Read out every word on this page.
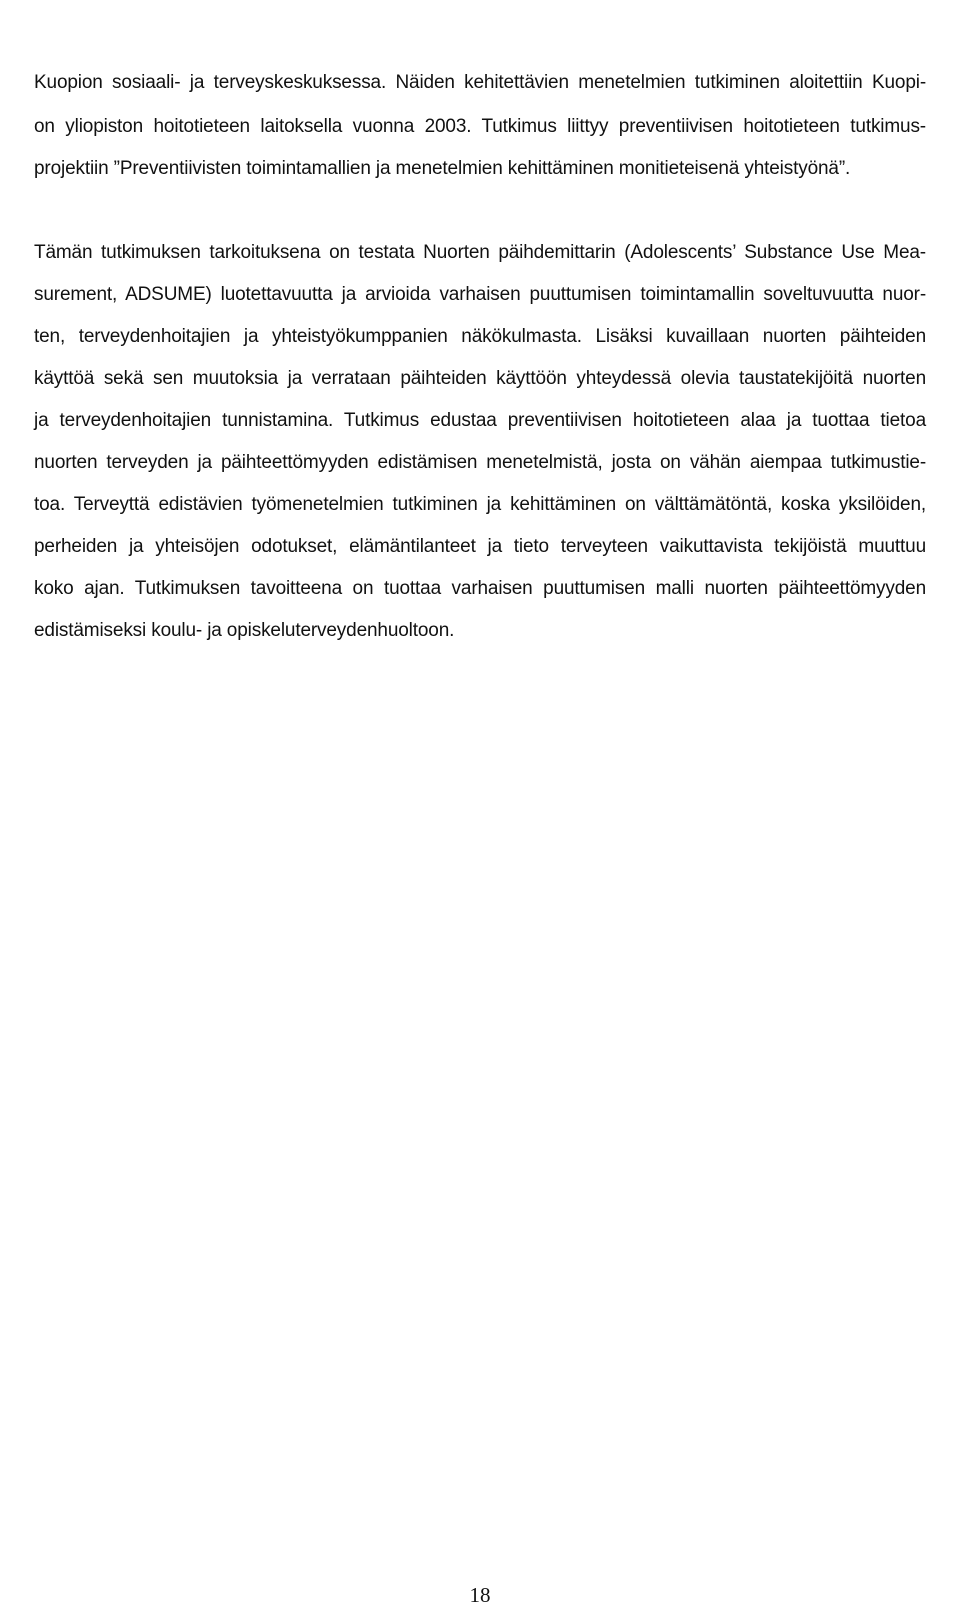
Kuopion sosiaali- ja terveyskeskuksessa. Näiden kehitettävien menetelmien tutkiminen aloitettiin Kuopi-

on yliopiston hoitotieteen laitoksella vuonna 2003. Tutkimus liittyy preventiivisen hoitotieteen tutkimus-

projektiin ”Preventiivisten toimintamallien ja menetelmien kehittäminen monitieteisenä yhteistyönä”.

Tämän tutkimuksen tarkoituksena on testata Nuorten päihdemittarin (Adolescents’ Substance Use Mea-

surement, ADSUME) luotettavuutta ja arvioida varhaisen puuttumisen toimintamallin soveltuvuutta nuor-

ten, terveydenhoitajien ja yhteistyökumppanien näkökulmasta. Lisäksi kuvaillaan nuorten päihteiden

käyttöä sekä sen muutoksia ja verrataan päihteiden käyttöön yhteydessä olevia taustatekijöitä nuorten

ja terveydenhoitajien tunnistamina. Tutkimus edustaa preventiivisen hoitotieteen alaa ja tuottaa tietoa

nuorten terveyden ja päihteettömyyden edistämisen menetelmistä, josta on vähän aiempaa tutkimustie-

toa. Terveyttä edistävien työmenetelmien tutkiminen ja kehittäminen on välttämätöntä, koska yksilöiden,

perheiden ja yhteisöjen odotukset, elämäntilanteet ja tieto terveyteen vaikuttavista tekijöistä muuttuu

koko ajan. Tutkimuksen tavoitteena on tuottaa varhaisen puuttumisen malli nuorten päihteettömyyden

edistämiseksi koulu- ja opiskeluterveydenhuoltoon.

18
